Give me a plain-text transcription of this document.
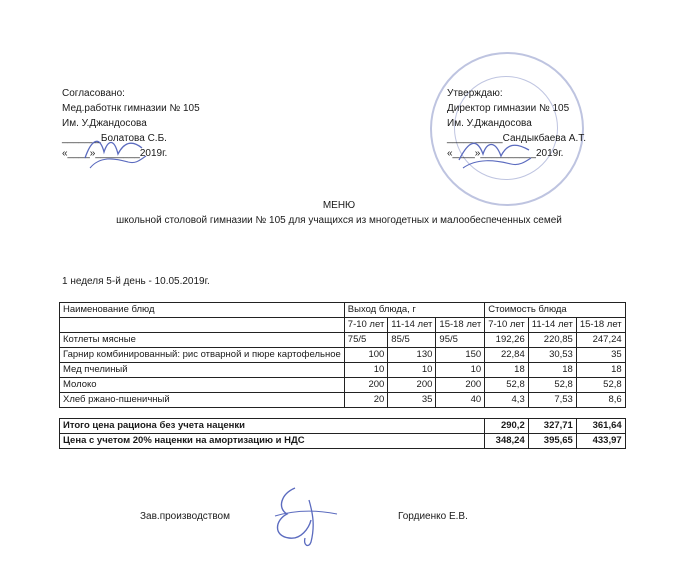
Согласовано:
Мед.работнк гимназии № 105
Им. У.Джандосова
_______Болатова С.Б.
«____»________2019г.
Утверждаю:
Директор гимназии № 105
Им. У.Джандосова
__________Сандыкбаева А.Т.
«____»__________2019г.
МЕНЮ
школьной столовой гимназии № 105 для учащихся из многодетных и малообеспеченных семей
1 неделя 5-й день - 10.05.2019г.
Наименование блюд	Выход блюда, г			Стоимость блюда		
	7-10 лет	11-14 лет	15-18 лет	7-10 лет	11-14 лет	15-18 лет
Котлеты мясные	75/5	85/5	95/5	192,26	220,85	247,24
Гарнир комбинированный: рис отварной и пюре картофельное	100	130	150	22,84	30,53	35
Мед пчелиный	10	10	10	18	18	18
Молоко	200	200	200	52,8	52,8	52,8
Хлеб ржано-пшеничный	20	35	40	4,3	7,53	8,6

Итого цена рациона без учета наценки				290,2	327,71	361,64
Цена с учетом 20% наценки на амортизацию и НДС				348,24	395,65	433,97
Зав.производством	Гордиенко Е.В.
